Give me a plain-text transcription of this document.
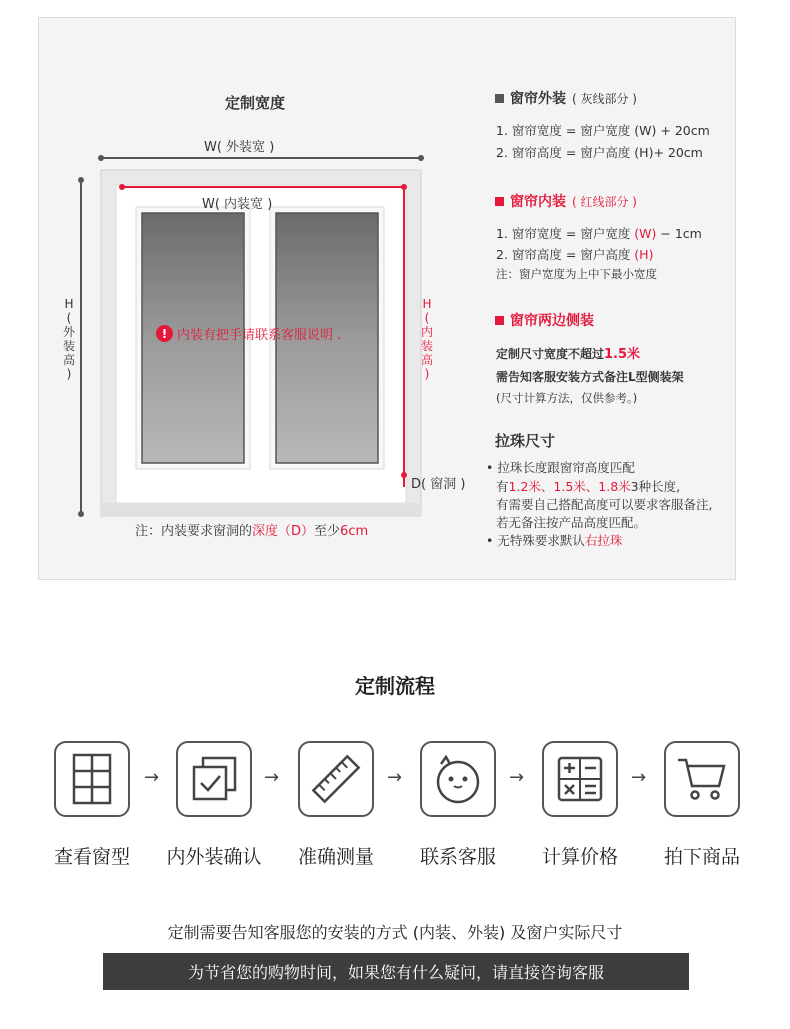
定制宽度
W( 外装宽 )
W( 内装宽 )
H
(
外
装
高
)
H
(
内
装
高
)
D( 窗洞 )
! 内装有把手请联系客服说明 .
注：内装要求窗洞的深度（D）至少6cm
窗帘外装 ( 灰线部分 )
1. 窗帘宽度 = 窗户宽度 (W) + 20cm
2. 窗帘高度 = 窗户高度 (H)+ 20cm
窗帘内装 ( 红线部分 )
1. 窗帘宽度 = 窗户宽度 (W) − 1cm
2. 窗帘高度 = 窗户高度 (H)
注：窗户宽度为上中下最小宽度
窗帘两边侧装
定制尺寸宽度不超过1.5米
需告知客服安装方式备注L型侧装架
(尺寸计算方法，仅供参考。)
拉珠尺寸
• 拉珠长度跟窗帘高度匹配
有1.2米、1.5米、1.8米3种长度,
有需要自己搭配高度可以要求客服备注,
若无备注按产品高度匹配。
• 无特殊要求默认右拉珠
定制流程
→	→	→	→	→
查看窗型	内外装确认	准确测量	联系客服	计算价格	拍下商品
定制需要告知客服您的安装的方式 (内装、外装) 及窗户实际尺寸
为节省您的购物时间，如果您有什么疑问，请直接咨询客服
